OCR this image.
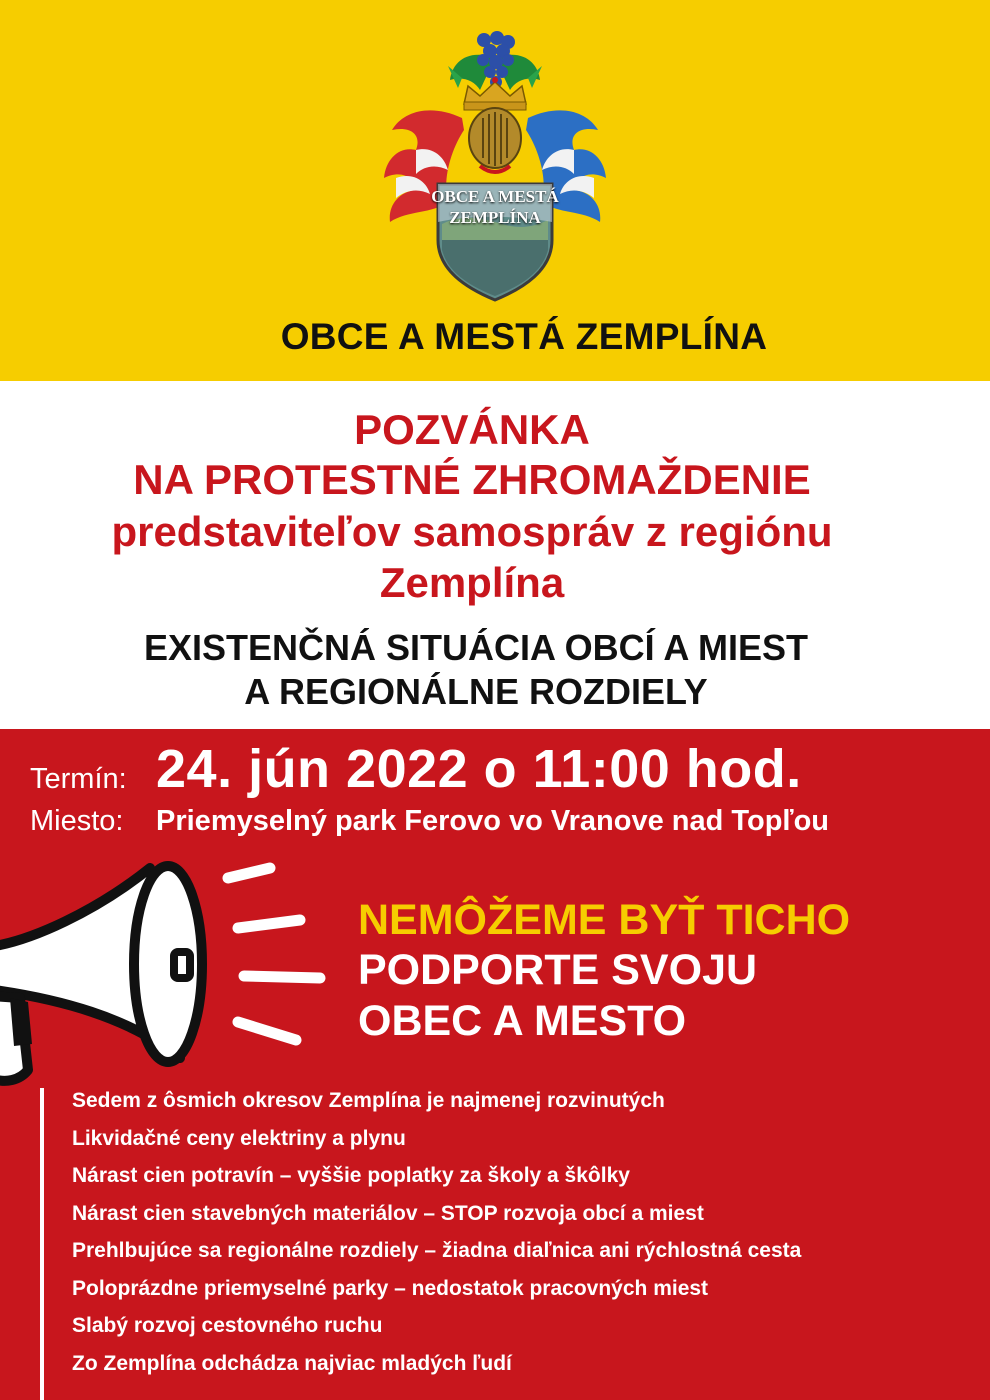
OBCE A MESTÁ
ZEMPLÍNA
OBCE A MESTÁ ZEMPLÍNA
POZVÁNKA
NA PROTESTNÉ ZHROMAŽDENIE
predstaviteľov samospráv z regiónu
Zemplína
EXISTENČNÁ SITUÁCIA OBCÍ A MIEST
A REGIONÁLNE ROZDIELY
Termín: 24. jún 2022 o 11:00 hod.
Miesto: Priemyselný park Ferovo vo Vranove nad Topľou
NEMÔŽEME BYŤ TICHO
PODPORTE SVOJU
OBEC A MESTO
Sedem z ôsmich okresov Zemplína je najmenej rozvinutých
Likvidačné ceny elektriny a plynu
Nárast cien potravín – vyššie poplatky za školy a škôlky
Nárast cien stavebných materiálov – STOP rozvoja obcí a miest
Prehlbujúce sa regionálne rozdiely – žiadna diaľnica ani rýchlostná cesta
Poloprázdne priemyselné parky – nedostatok pracovných miest
Slabý rozvoj cestovného ruchu
Zo Zemplína odchádza najviac mladých ľudí
